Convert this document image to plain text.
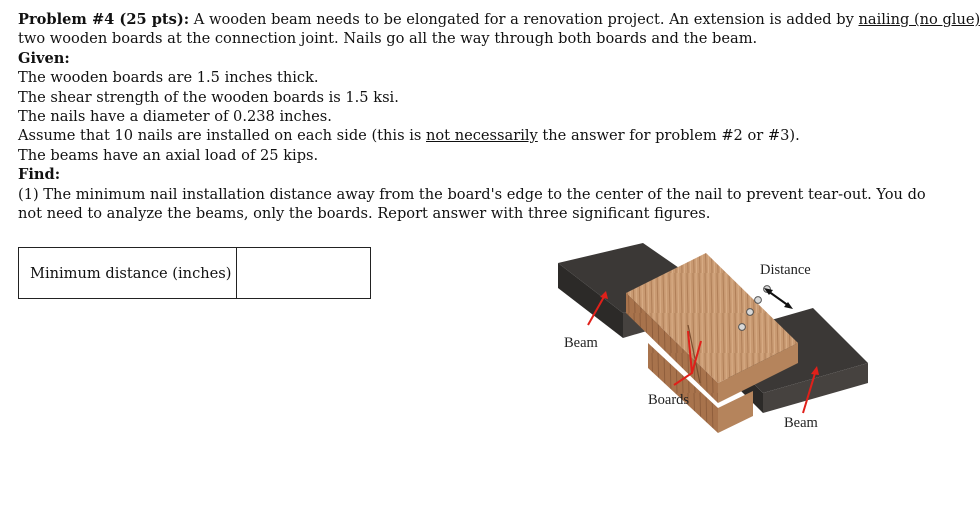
Problem #4 (25 pts): A wooden beam needs to be elongated for a renovation project. An extension is added by nailing (no glue)
two wooden boards at the connection joint. Nails go all the way through both boards and the beam.
Given:
The wooden boards are 1.5 inches thick.
The shear strength of the wooden boards is 1.5 ksi.
The nails have a diameter of 0.238 inches.
Assume that 10 nails are installed on each side (this is not necessarily the answer for problem #2 or #3).
The beams have an axial load of 25 kips.
Find:
(1) The minimum nail installation distance away from the board's edge to the center of the nail to prevent tear-out. You do not need to analyze the beams, only the boards. Report answer with three significant figures.
Minimum distance (inches)	Distance
Beam
Boards
Beam
